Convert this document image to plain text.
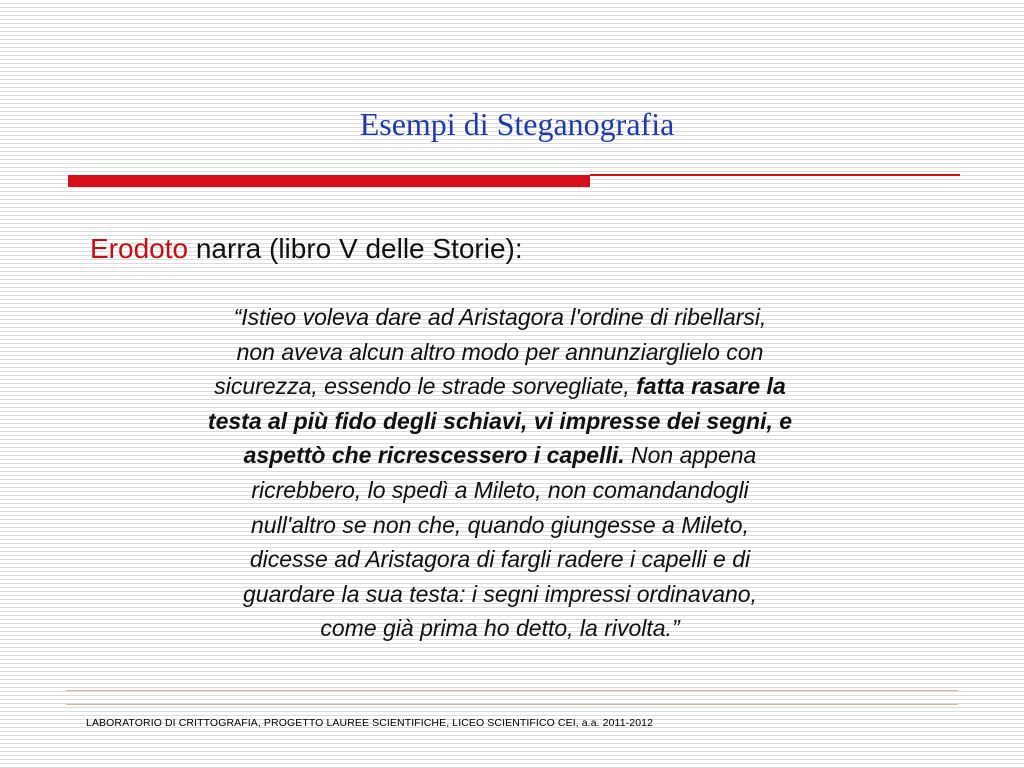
Esempi di Steganografia
Erodoto narra (libro V delle Storie):
“Istieo voleva dare ad Aristagora l'ordine di ribellarsi,
non aveva alcun altro modo per annunziarglielo con
sicurezza, essendo le strade sorvegliate, fatta rasare la
testa al più fido degli schiavi, vi impresse dei segni, e
aspettò che ricrescessero i capelli. Non appena
ricrebbero, lo spedì a Mileto, non comandandogli
null'altro se non che, quando giungesse a Mileto,
dicesse ad Aristagora di fargli radere i capelli e di
guardare la sua testa: i segni impressi ordinavano,
come già prima ho detto, la rivolta.”
LABORATORIO DI CRITTOGRAFIA, PROGETTO LAUREE SCIENTIFICHE, LICEO SCIENTIFICO CEI, a.a. 2011-2012
